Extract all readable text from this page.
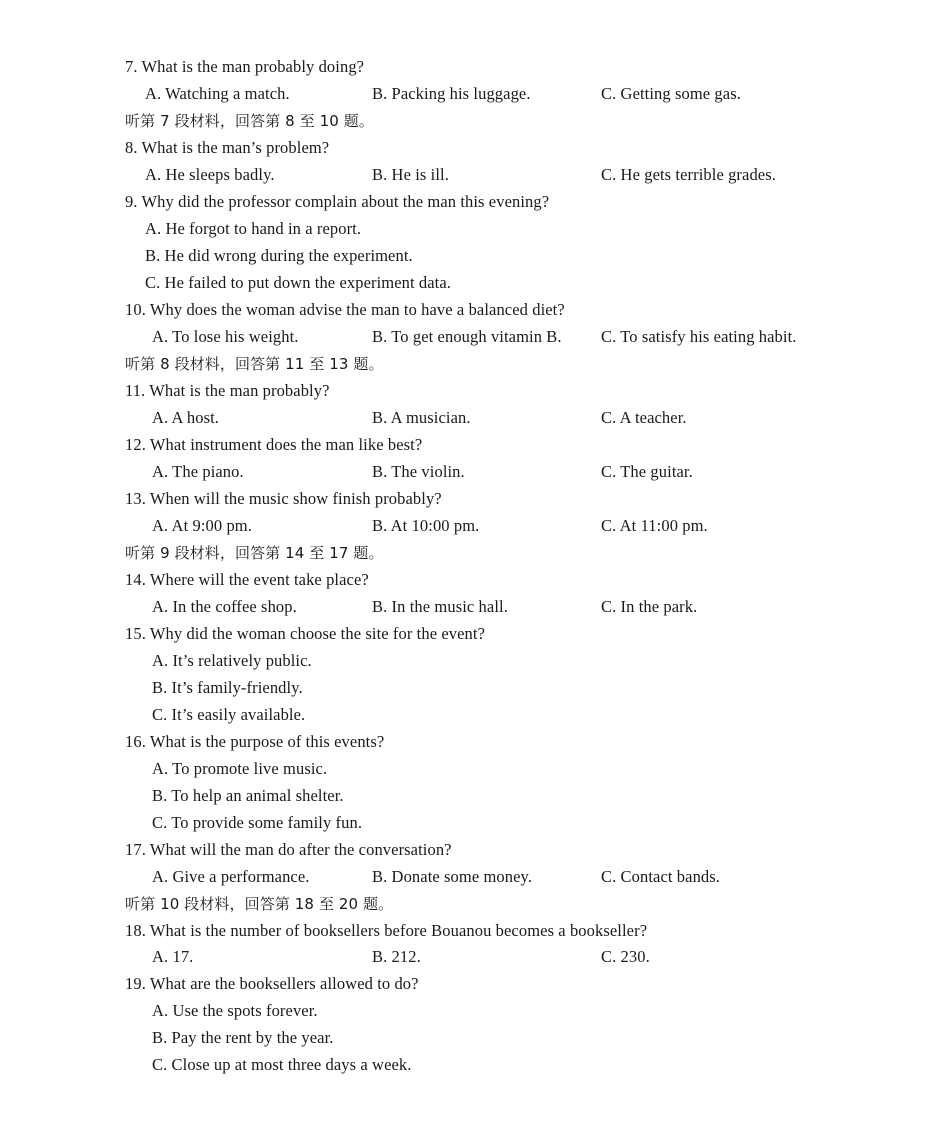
7. What is the man probably doing?
A. Watching a match.	B. Packing his luggage.	C. Getting some gas.
听第 7 段材料，回答第 8 至 10 题。
8. What is the man’s problem?
A. He sleeps badly.	B. He is ill.	C. He gets terrible grades.
9. Why did the professor complain about the man this evening?
A. He forgot to hand in a report.
B. He did wrong during the experiment.
C. He failed to put down the experiment data.
10. Why does the woman advise the man to have a balanced diet?
A. To lose his weight.	B. To get enough vitamin B. C. To satisfy his eating habit.
听第 8 段材料，回答第 11 至 13 题。
11. What is the man probably?
A. A host.	B. A musician.	C. A teacher.
12. What instrument does the man like best?
A. The piano.	B. The violin.	C. The guitar.
13. When will the music show finish probably?
A. At 9:00 pm.	B. At 10:00 pm.	C. At 11:00 pm.
听第 9 段材料，回答第 14 至 17 题。
14. Where will the event take place?
A. In the coffee shop.	B. In the music hall.	C. In the park.
15. Why did the woman choose the site for the event?
A. It’s relatively public.
B. It’s family-friendly.
C. It’s easily available.
16. What is the purpose of this events?
A. To promote live music.
B. To help an animal shelter.
C. To provide some family fun.
17. What will the man do after the conversation?
A. Give a performance.	B. Donate some money.	C. Contact bands.
听第 10 段材料，回答第 18 至 20 题。
18. What is the number of booksellers before Bouanou becomes a bookseller?
A. 17.	B. 212.	C. 230.
19. What are the booksellers allowed to do?
A. Use the spots forever.
B. Pay the rent by the year.
C. Close up at most three days a week.
